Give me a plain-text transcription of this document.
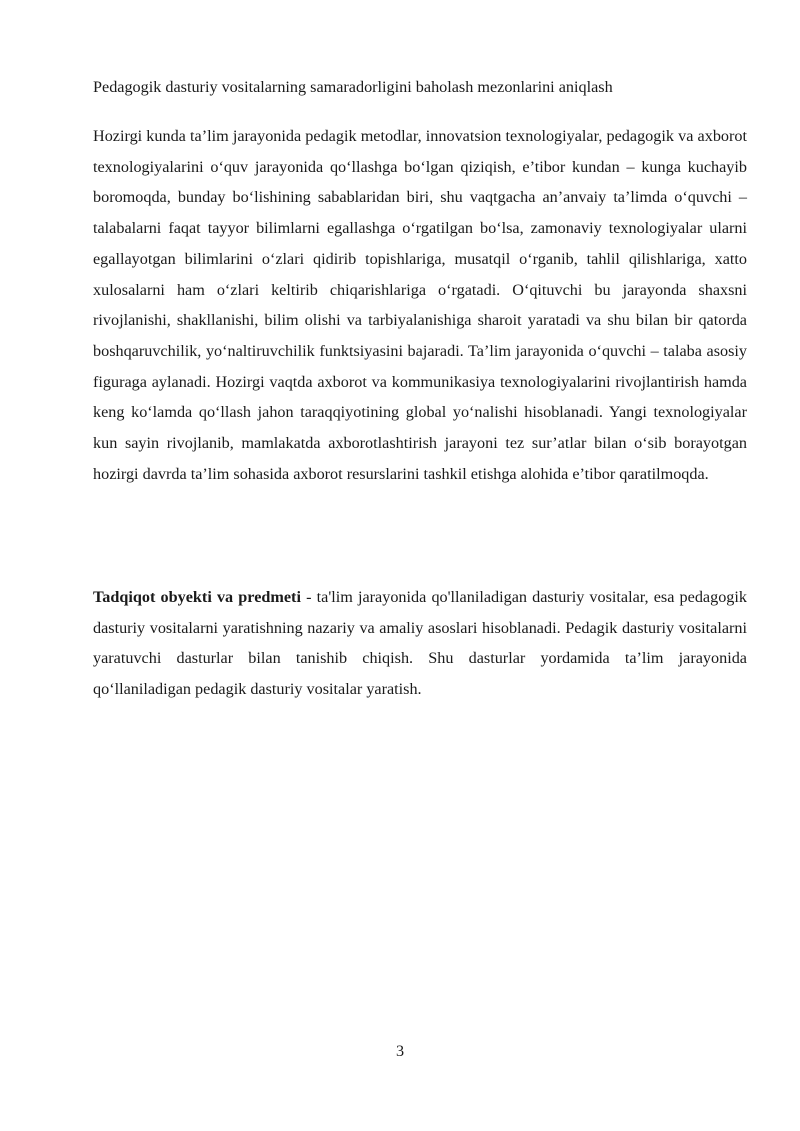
Pedagogik dasturiy vositalarning samaradorligini baholash mezonlarini aniqlash
Hozirgi kunda ta’lim jarayonida pedagik metodlar, innovatsion texnologiyalar, pedagogik va axborot texnologiyalarini o‘quv jarayonida qo‘llashga bo‘lgan qiziqish, e’tibor kundan – kunga kuchayib boromoqda, bunday bo‘lishining sabablaridan biri, shu vaqtgacha an’anvaiy ta’limda o‘quvchi – talabalarni faqat tayyor bilimlarni egallashga o‘rgatilgan bo‘lsa, zamonaviy texnologiyalar ularni egallayotgan bilimlarini o‘zlari qidirib topishlariga, musatqil o‘rganib, tahlil qilishlariga, xatto xulosalarni ham o‘zlari keltirib chiqarishlariga o‘rgatadi. O‘qituvchi bu jarayonda shaxsni rivojlanishi, shakllanishi, bilim olishi va tarbiyalanishiga sharoit yaratadi va shu bilan bir qatorda boshqaruvchilik, yo‘naltiruvchilik funktsiyasini bajaradi. Ta’lim jarayonida o‘quvchi – talaba asosiy figuraga aylanadi. Hozirgi vaqtda axborot va kommunikasiya texnologiyalarini rivojlantirish hamda keng ko‘lamda qo‘llash jahon taraqqiyotining global yo‘nalishi hisoblanadi. Yangi texnologiyalar kun sayin rivojlanib, mamlakatda axborotlashtirish jarayoni tez sur’atlar bilan o‘sib borayotgan hozirgi davrda ta’lim sohasida axborot resurslarini tashkil etishga alohida e’tibor qaratilmoqda.
Tadqiqot obyekti va predmeti - ta'lim jarayonida qo'llaniladigan dasturiy vositalar, esa pedagogik dasturiy vositalarni yaratishning nazariy va amaliy asoslari hisoblanadi. Pedagik dasturiy vositalarni yaratuvchi dasturlar bilan tanishib chiqish. Shu dasturlar yordamida ta’lim jarayonida qo‘llaniladigan pedagik dasturiy vositalar yaratish.
3
